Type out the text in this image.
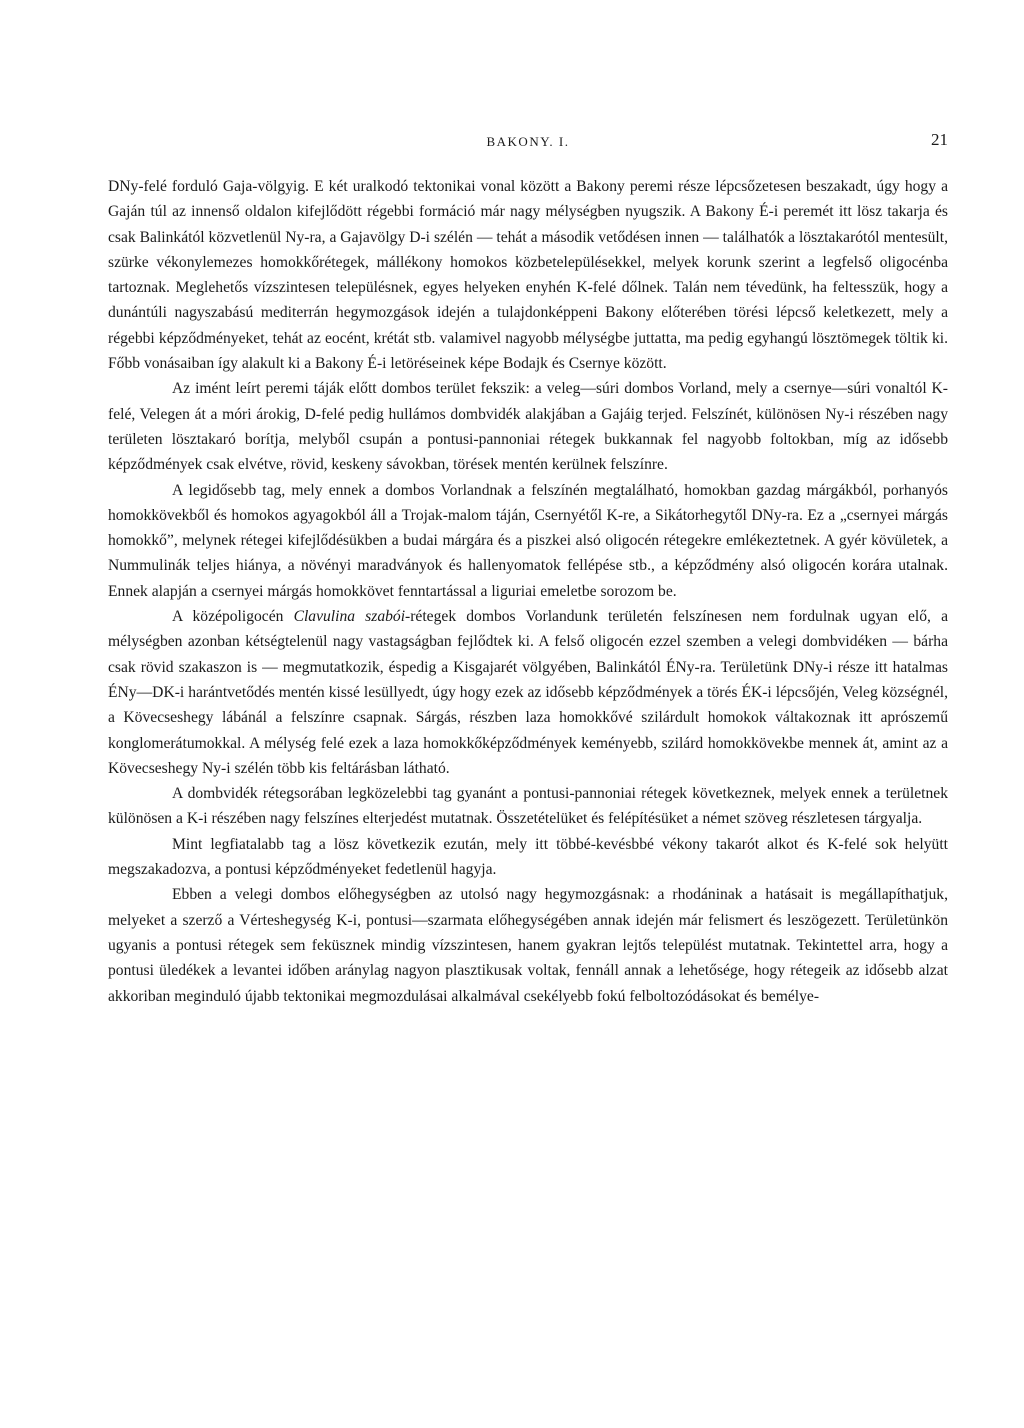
BAKONY. I.	21

DNy-felé forduló Gaja-völgyig. E két uralkodó tektonikai vonal között a Bakony peremi része lépcsőzetesen beszakadt, úgy hogy a Gaján túl az innenső oldalon kifejlődött régebbi formáció már nagy mélységben nyugszik. A Bakony É-i peremét itt lösz takarja és csak Balinkától közvetlenül Ny-ra, a Gajavölgy D-i szélén — tehát a második vetődésen innen — találhatók a lösztakarótól mentesült, szürke vékonylemezes homokkőrétegek, mállékony homokos közbetelepülésekkel, melyek korunk szerint a legfelső oligocénba tartoznak. Meglehetős vízszintesen településnek, egyes helyeken enyhén K-felé dőlnek. Talán nem tévedünk, ha feltesszük, hogy a dunántúli nagyszabású mediterrán hegymozgások idején a tulajdonképpeni Bakony előterében törési lépcső keletkezett, mely a régebbi képződményeket, tehát az eocént, krétát stb. valamivel nagyobb mélységbe juttatta, ma pedig egyhangú lösztömegek töltik ki. Főbb vonásaiban így alakult ki a Bakony É-i letöréseinek képe Bodajk és Csernye között.

Az imént leírt peremi táják előtt dombos terület fekszik: a veleg—súri dombos Vorland, mely a csernye—súri vonaltól K-felé, Velegen át a móri árokig, D-felé pedig hullámos dombvidék alakjában a Gajáig terjed. Felszínét, különösen Ny-i részében nagy területen lösztakaró borítja, melyből csupán a pontusi-pannoniai rétegek bukkannak fel nagyobb foltokban, míg az idősebb képződmények csak elvétve, rövid, keskeny sávokban, törések mentén kerülnek felszínre.

A legidősebb tag, mely ennek a dombos Vorlandnak a felszínén megtalálható, homokban gazdag márgákból, porhanyós homokkövekből és homokos agyagokból áll a Trojak-malom táján, Csernyétől K-re, a Sikátorhegytől DNy-ra. Ez a „csernyei márgás homokkő”, melynek rétegei kifejlődésükben a budai márgára és a piszkei alsó oligocén rétegekre emlékeztetnek. A gyér kövületek, a Nummulinák teljes hiánya, a növényi maradványok és hallenyomatok fellépése stb., a képződmény alsó oligocén korára utalnak. Ennek alapján a csernyei márgás homokkövet fenntartással a liguriai emeletbe sorozom be.

A középoligocén Clavulina szabói-rétegek dombos Vorlandunk területén felszínesen nem fordulnak ugyan elő, a mélységben azonban kétségtelenül nagy vastagságban fejlődtek ki. A felső oligocén ezzel szemben a velegi dombvidéken — bárha csak rövid szakaszon is — megmutatkozik, éspedig a Kisgajarét völgyében, Balinkától ÉNy-ra. Területünk DNy-i része itt hatalmas ÉNy—DK-i harántvetődés mentén kissé lesüllyedt, úgy hogy ezek az idősebb képződmények a törés ÉK-i lépcsőjén, Veleg községnél, a Kövecseshegy lábánál a felszínre csapnak. Sárgás, részben laza homokkővé szilárdult homokok váltakoznak itt aprószemű konglomerátumokkal. A mélység felé ezek a laza homokkőképződmények keményebb, szilárd homokkövekbe mennek át, amint az a Kövecseshegy Ny-i szélén több kis feltárásban látható.

A dombvidék rétegsorában legközelebbi tag gyanánt a pontusi-pannoniai rétegek következnek, melyek ennek a területnek különösen a K-i részében nagy felszínes elterjedést mutatnak. Összetételüket és felépítésüket a német szöveg részletesen tárgyalja.

Mint legfiatalabb tag a lösz következik ezután, mely itt többé-kevésbbé vékony takarót alkot és K-felé sok helyütt megszakadozva, a pontusi képződményeket fedetlenül hagyja.

Ebben a velegi dombos előhegységben az utolsó nagy hegymozgásnak: a rhodáninak a hatásait is megállapíthatjuk, melyeket a szerző a Vérteshegység K-i, pontusi—szarmata előhegységében annak idején már felismert és leszögezett. Területünkön ugyanis a pontusi rétegek sem feküsznek mindig vízszintesen, hanem gyakran lejtős települést mutatnak. Tekintettel arra, hogy a pontusi üledékek a levantei időben aránylag nagyon plasztikusak voltak, fennáll annak a lehetősége, hogy rétegeik az idősebb alzat akkoriban meginduló újabb tektonikai megmozdulásai alkalmával csekélyebb fokú felboltozódásokat és bemélye-
